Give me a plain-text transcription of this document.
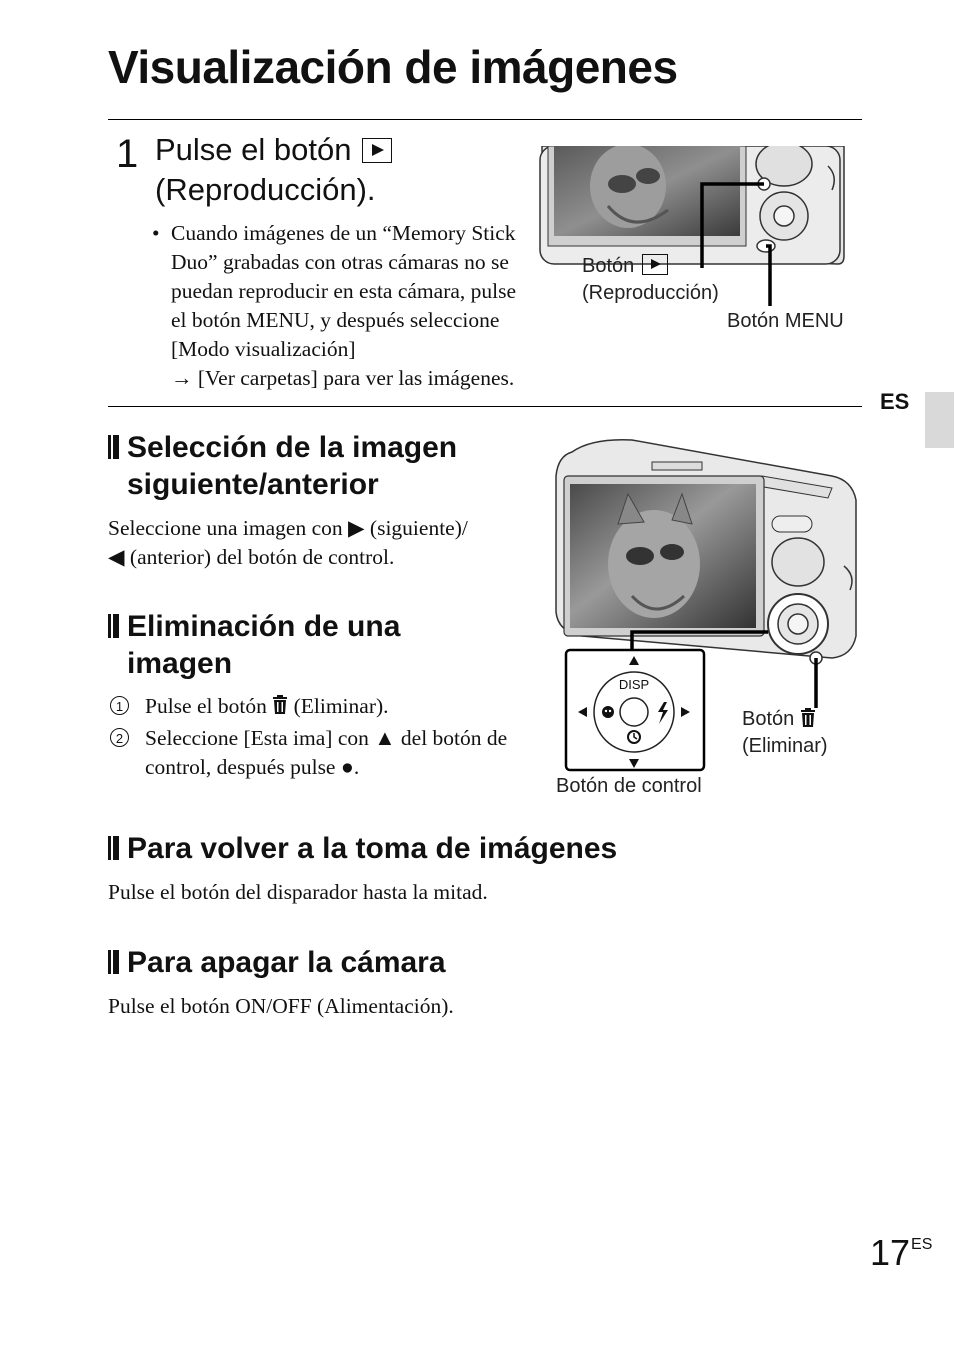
Visualización de imágenes
1 Pulse el botón
(Reproducción).
Botón
(Reproducción)
Botón MENU
• Cuando imágenes de un “Memory Stick Duo” grabadas con otras cámaras no se puedan reproducir en esta cámara, pulse el botón MENU, y después seleccione [Modo visualización]
→ [Ver carpetas] para ver las imágenes.
ES
Selección de la imagen
siguiente/anterior
Seleccione una imagen con ▶ (siguiente)/
◀ (anterior) del botón de control.
Eliminación de una
imagen
1 Pulse el botón (Eliminar).
2 Seleccione [Esta ima] con ▲ del botón de control, después pulse ●.
DISP
Botón
(Eliminar)
Botón de control
Para volver a la toma de imágenes
Pulse el botón del disparador hasta la mitad.
Para apagar la cámara
Pulse el botón ON/OFF (Alimentación).
$17^{ES}$
